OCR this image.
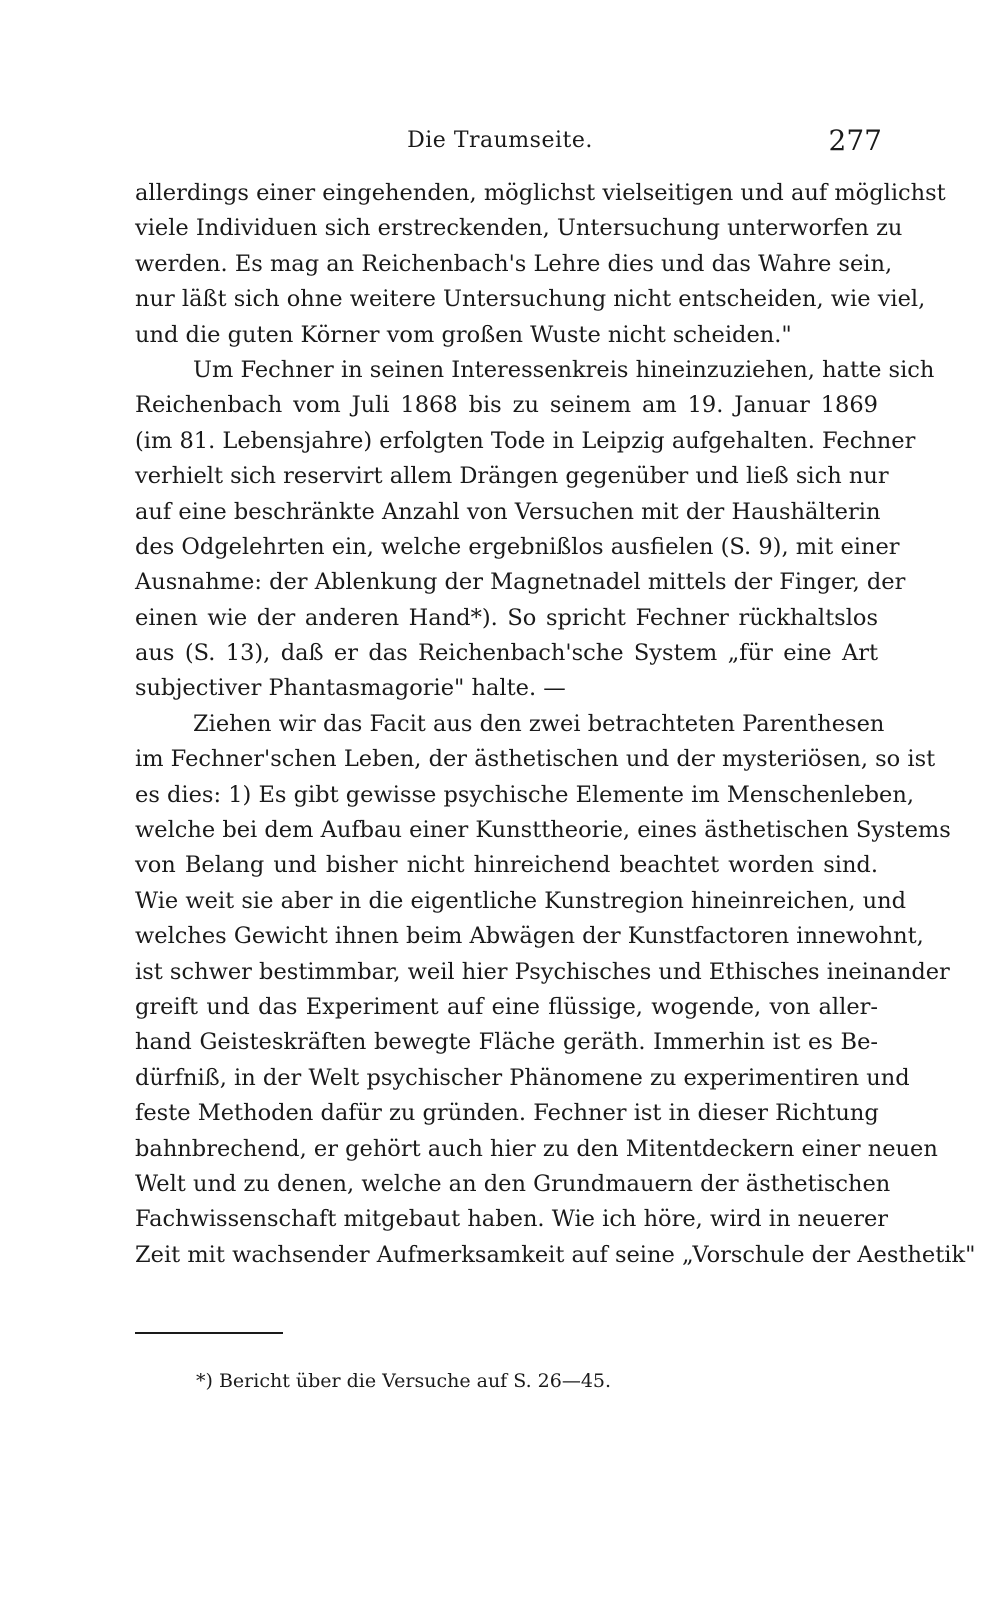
Die Traumseite.	277
allerdings einer eingehenden, möglichst vielseitigen und auf möglichst
viele Individuen sich erstreckenden, Untersuchung unterworfen zu
werden. Es mag an Reichenbach's Lehre dies und das Wahre sein,
nur läßt sich ohne weitere Untersuchung nicht entscheiden, wie viel,
und die guten Körner vom großen Wuste nicht scheiden."
Um Fechner in seinen Interessenkreis hineinzuziehen, hatte sich
Reichenbach vom Juli 1868 bis zu seinem am 19. Januar 1869
(im 81. Lebensjahre) erfolgten Tode in Leipzig aufgehalten. Fechner
verhielt sich reservirt allem Drängen gegenüber und ließ sich nur
auf eine beschränkte Anzahl von Versuchen mit der Haushälterin
des Odgelehrten ein, welche ergebnißlos ausfielen (S. 9), mit einer
Ausnahme: der Ablenkung der Magnetnadel mittels der Finger, der
einen wie der anderen Hand*). So spricht Fechner rückhaltslos
aus (S. 13), daß er das Reichenbach'sche System „für eine Art
subjectiver Phantasmagorie" halte. —
Ziehen wir das Facit aus den zwei betrachteten Parenthesen
im Fechner'schen Leben, der ästhetischen und der mysteriösen, so ist
es dies: 1) Es gibt gewisse psychische Elemente im Menschenleben,
welche bei dem Aufbau einer Kunsttheorie, eines ästhetischen Systems
von Belang und bisher nicht hinreichend beachtet worden sind.
Wie weit sie aber in die eigentliche Kunstregion hineinreichen, und
welches Gewicht ihnen beim Abwägen der Kunstfactoren innewohnt,
ist schwer bestimmbar, weil hier Psychisches und Ethisches ineinander
greift und das Experiment auf eine flüssige, wogende, von aller-
hand Geisteskräften bewegte Fläche geräth. Immerhin ist es Be-
dürfniß, in der Welt psychischer Phänomene zu experimentiren und
feste Methoden dafür zu gründen. Fechner ist in dieser Richtung
bahnbrechend, er gehört auch hier zu den Mitentdeckern einer neuen
Welt und zu denen, welche an den Grundmauern der ästhetischen
Fachwissenschaft mitgebaut haben. Wie ich höre, wird in neuerer
Zeit mit wachsender Aufmerksamkeit auf seine „Vorschule der Aesthetik"
*) Bericht über die Versuche auf S. 26—45.
